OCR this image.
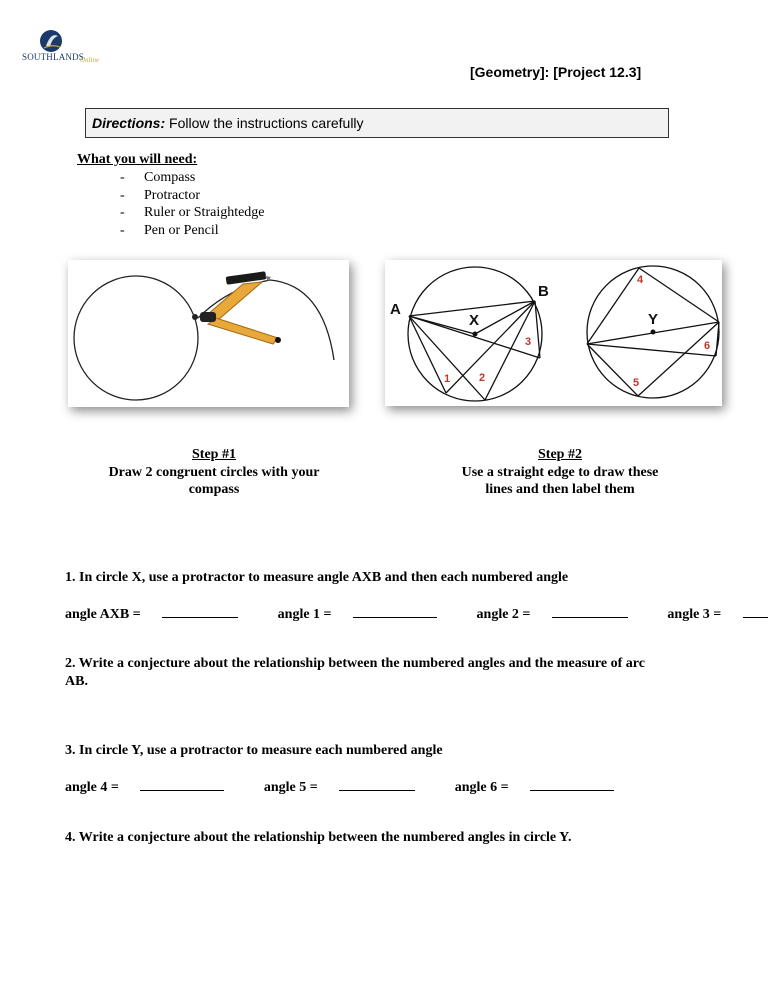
SOUTHLANDS
Online
[Geometry]: [Project 12.3]
Directions: Follow the instructions carefully
What you will need:
- Compass
- Protractor
- Ruler or Straightedge
- Pen or Pencil
A
B
X	Y
1	2
3
4
5
6
Step #1
Draw 2 congruent circles with your
compass
Step #2
Use a straight edge to draw these
lines and then label them
1. In circle X, use a protractor to measure angle AXB and then each numbered angle
angle AXB =	angle 1 =	angle 2 =	angle 3 =
2. Write a conjecture about the relationship between the numbered angles and the measure of arc
AB.
3. In circle Y, use a protractor to measure each numbered angle
angle 4 =	angle 5 =	angle 6 =
4. Write a conjecture about the relationship between the numbered angles in circle Y.
